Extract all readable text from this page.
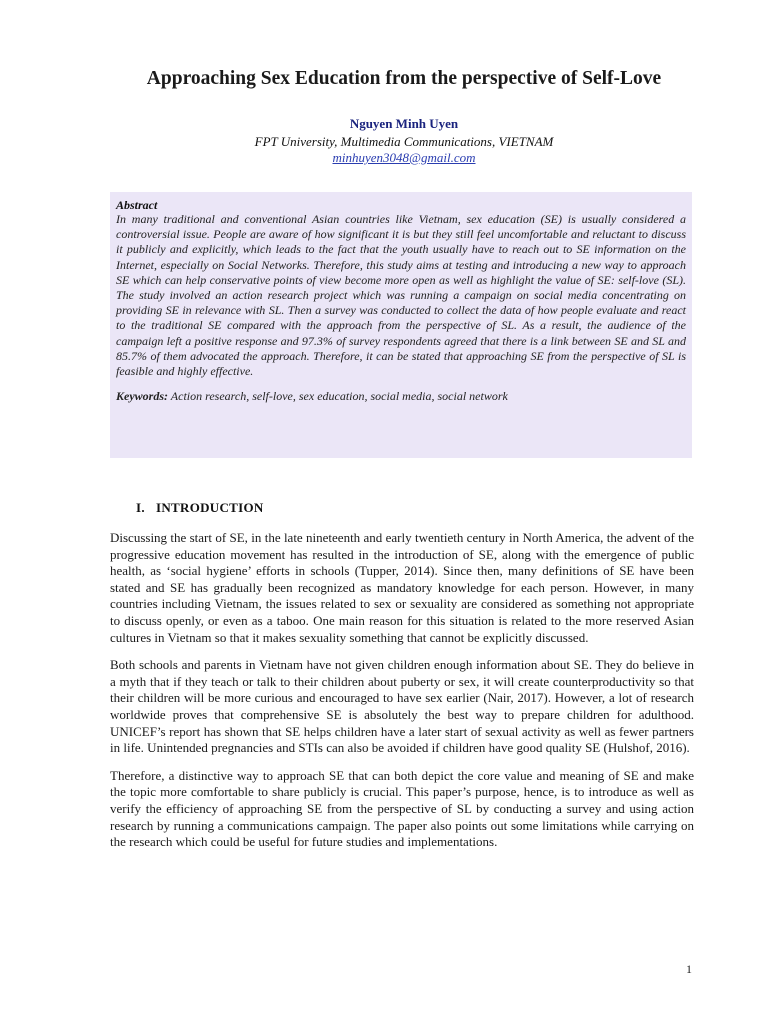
Approaching Sex Education from the perspective of Self-Love
Nguyen Minh Uyen
FPT University, Multimedia Communications, VIETNAM
minhuyen3048@gmail.com
Abstract

In many traditional and conventional Asian countries like Vietnam, sex education (SE) is usually considered a controversial issue. People are aware of how significant it is but they still feel uncomfortable and reluctant to discuss it publicly and explicitly, which leads to the fact that the youth usually have to reach out to SE information on the Internet, especially on Social Networks. Therefore, this study aims at testing and introducing a new way to approach SE which can help conservative points of view become more open as well as highlight the value of SE: self-love (SL). The study involved an action research project which was running a campaign on social media concentrating on providing SE in relevance with SL. Then a survey was conducted to collect the data of how people evaluate and react to the traditional SE compared with the approach from the perspective of SL. As a result, the audience of the campaign left a positive response and 97.3% of survey respondents agreed that there is a link between SE and SL and 85.7% of them advocated the approach. Therefore, it can be stated that approaching SE from the perspective of SL is feasible and highly effective.

Keywords: Action research, self-love, sex education, social media, social network
I. INTRODUCTION

Discussing the start of SE, in the late nineteenth and early twentieth century in North America, the advent of the progressive education movement has resulted in the introduction of SE, along with the emergence of public health, as ‘social hygiene’ efforts in schools (Tupper, 2014). Since then, many definitions of SE have been stated and SE has gradually been recognized as mandatory knowledge for each person. However, in many countries including Vietnam, the issues related to sex or sexuality are considered as something not appropriate to discuss openly, or even as a taboo. One main reason for this situation is related to the more reserved Asian cultures in Vietnam so that it makes sexuality something that cannot be explicitly discussed.

Both schools and parents in Vietnam have not given children enough information about SE. They do believe in a myth that if they teach or talk to their children about puberty or sex, it will create counterproductivity so that their children will be more curious and encouraged to have sex earlier (Nair, 2017). However, a lot of research worldwide proves that comprehensive SE is absolutely the best way to prepare children for adulthood. UNICEF’s report has shown that SE helps children have a later start of sexual activity as well as fewer partners in life. Unintended pregnancies and STIs can also be avoided if children have good quality SE (Hulshof, 2016).

Therefore, a distinctive way to approach SE that can both depict the core value and meaning of SE and make the topic more comfortable to share publicly is crucial. This paper’s purpose, hence, is to introduce as well as verify the efficiency of approaching SE from the perspective of SL by conducting a survey and using action research by running a communications campaign. The paper also points out some limitations while carrying on the research which could be useful for future studies and implementations.

1
